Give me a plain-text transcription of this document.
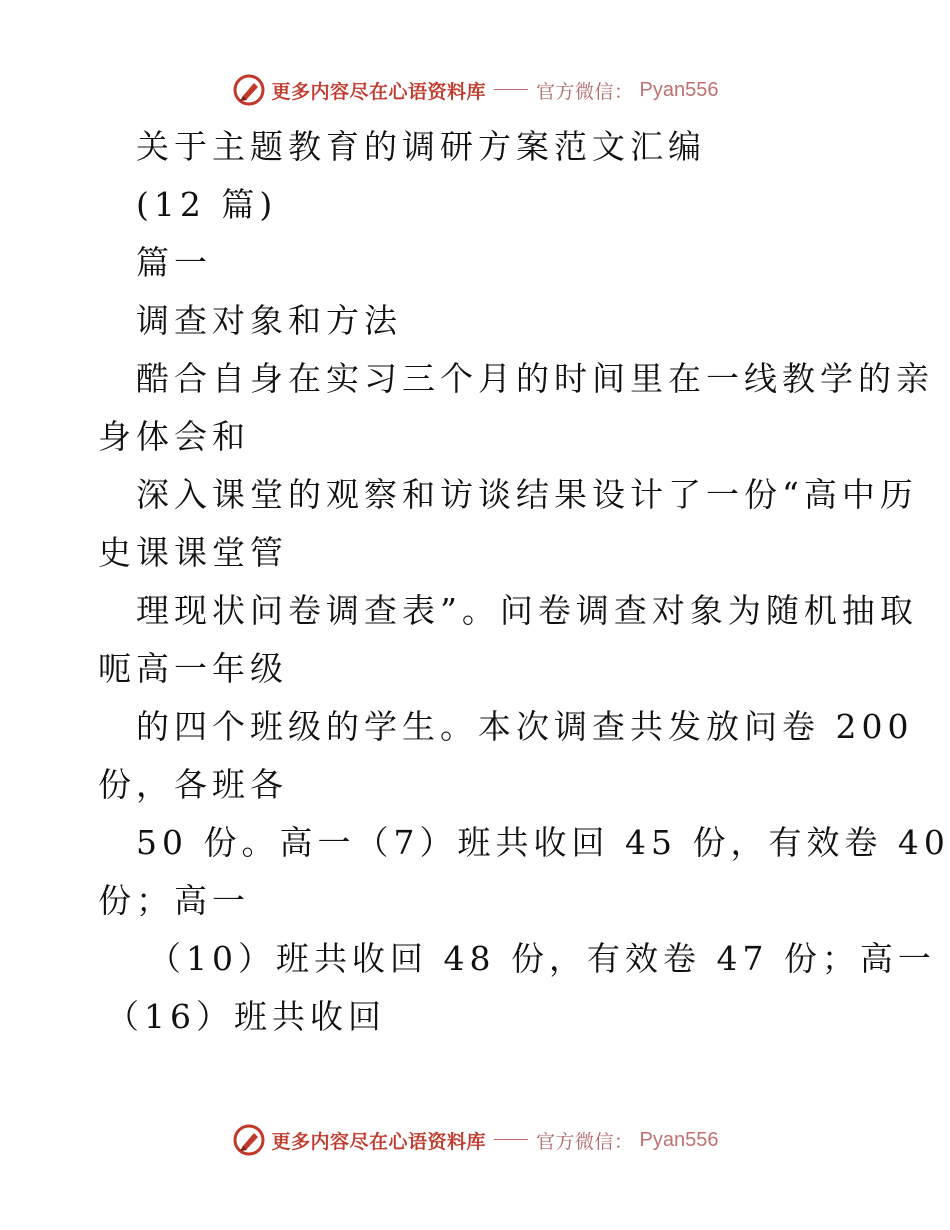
更多内容尽在心语资料库	官方微信： Pyan556
关于主题教育的调研方案范文汇编
(12 篇)
篇一
调查对象和方法
酷合自身在实习三个月的时间里在一线教学的亲
身体会和
深入课堂的观察和访谈结果设计了一份“高中历
史课课堂管
理现状问卷调查表”。问卷调查对象为随机抽取
呃高一年级
的四个班级的学生。本次调查共发放问卷 200
份，各班各
50 份。高一（7）班共收回 45 份，有效卷 40
份；高一
（10）班共收回 48 份，有效卷 47 份；高一
（16）班共收回
更多内容尽在心语资料库	官方微信： Pyan556
